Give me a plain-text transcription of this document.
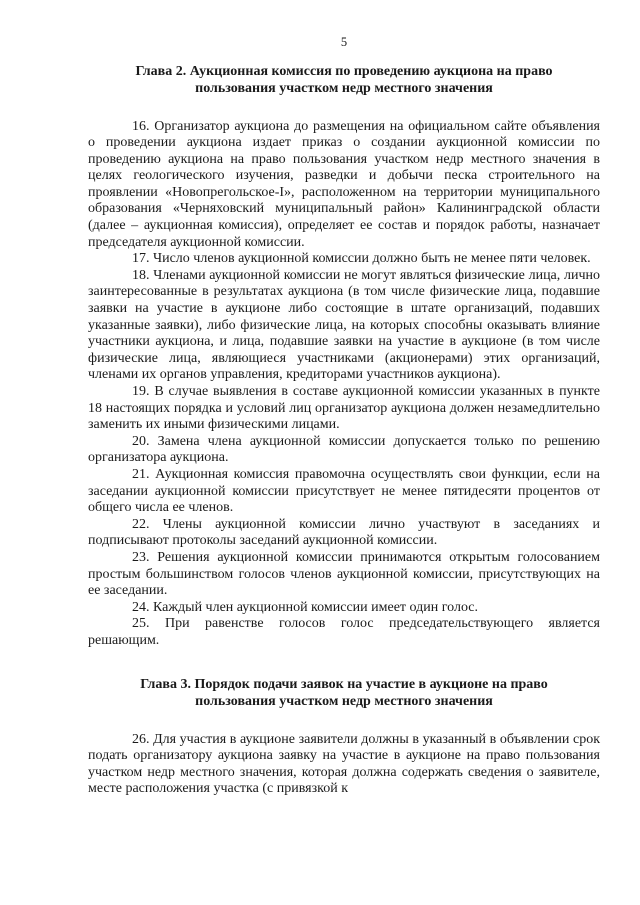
5
Глава 2. Аукционная комиссия по проведению аукциона на право
пользования участком недр местного значения

16. Организатор аукциона до размещения на официальном сайте объявления о проведении аукциона издает приказ о создании аукционной комиссии по проведению аукциона на право пользования участком недр местного значения в целях геологического изучения, разведки и добычи песка строительного на проявлении «Новопрегольское-I», расположенном на территории муниципального образования «Черняховский муниципальный район» Калининградской области (далее – аукционная комиссия), определяет ее состав и порядок работы, назначает председателя аукционной комиссии.

17. Число членов аукционной комиссии должно быть не менее пяти человек.

18. Членами аукционной комиссии не могут являться физические лица, лично заинтересованные в результатах аукциона (в том числе физические лица, подавшие заявки на участие в аукционе либо состоящие в штате организаций, подавших указанные заявки), либо физические лица, на которых способны оказывать влияние участники аукциона, и лица, подавшие заявки на участие в аукционе (в том числе физические лица, являющиеся участниками (акционерами) этих организаций, членами их органов управления, кредиторами участников аукциона).

19. В случае выявления в составе аукционной комиссии указанных в пункте 18 настоящих порядка и условий лиц организатор аукциона должен незамедлительно заменить их иными физическими лицами.

20. Замена члена аукционной комиссии допускается только по решению организатора аукциона.

21. Аукционная комиссия правомочна осуществлять свои функции, если на заседании аукционной комиссии присутствует не менее пятидесяти процентов от общего числа ее членов.

22. Члены аукционной комиссии лично участвуют в заседаниях и подписывают протоколы заседаний аукционной комиссии.

23. Решения аукционной комиссии принимаются открытым голосованием простым большинством голосов членов аукционной комиссии, присутствующих на ее заседании.

24. Каждый член аукционной комиссии имеет один голос.

25. При равенстве голосов голос председательствующего является решающим.

Глава 3. Порядок подачи заявок на участие в аукционе на право
пользования участком недр местного значения

26. Для участия в аукционе заявители должны в указанный в объявлении срок подать организатору аукциона заявку на участие в аукционе на право пользования участком недр местного значения, которая должна содержать сведения о заявителе, месте расположения участка (с привязкой к
